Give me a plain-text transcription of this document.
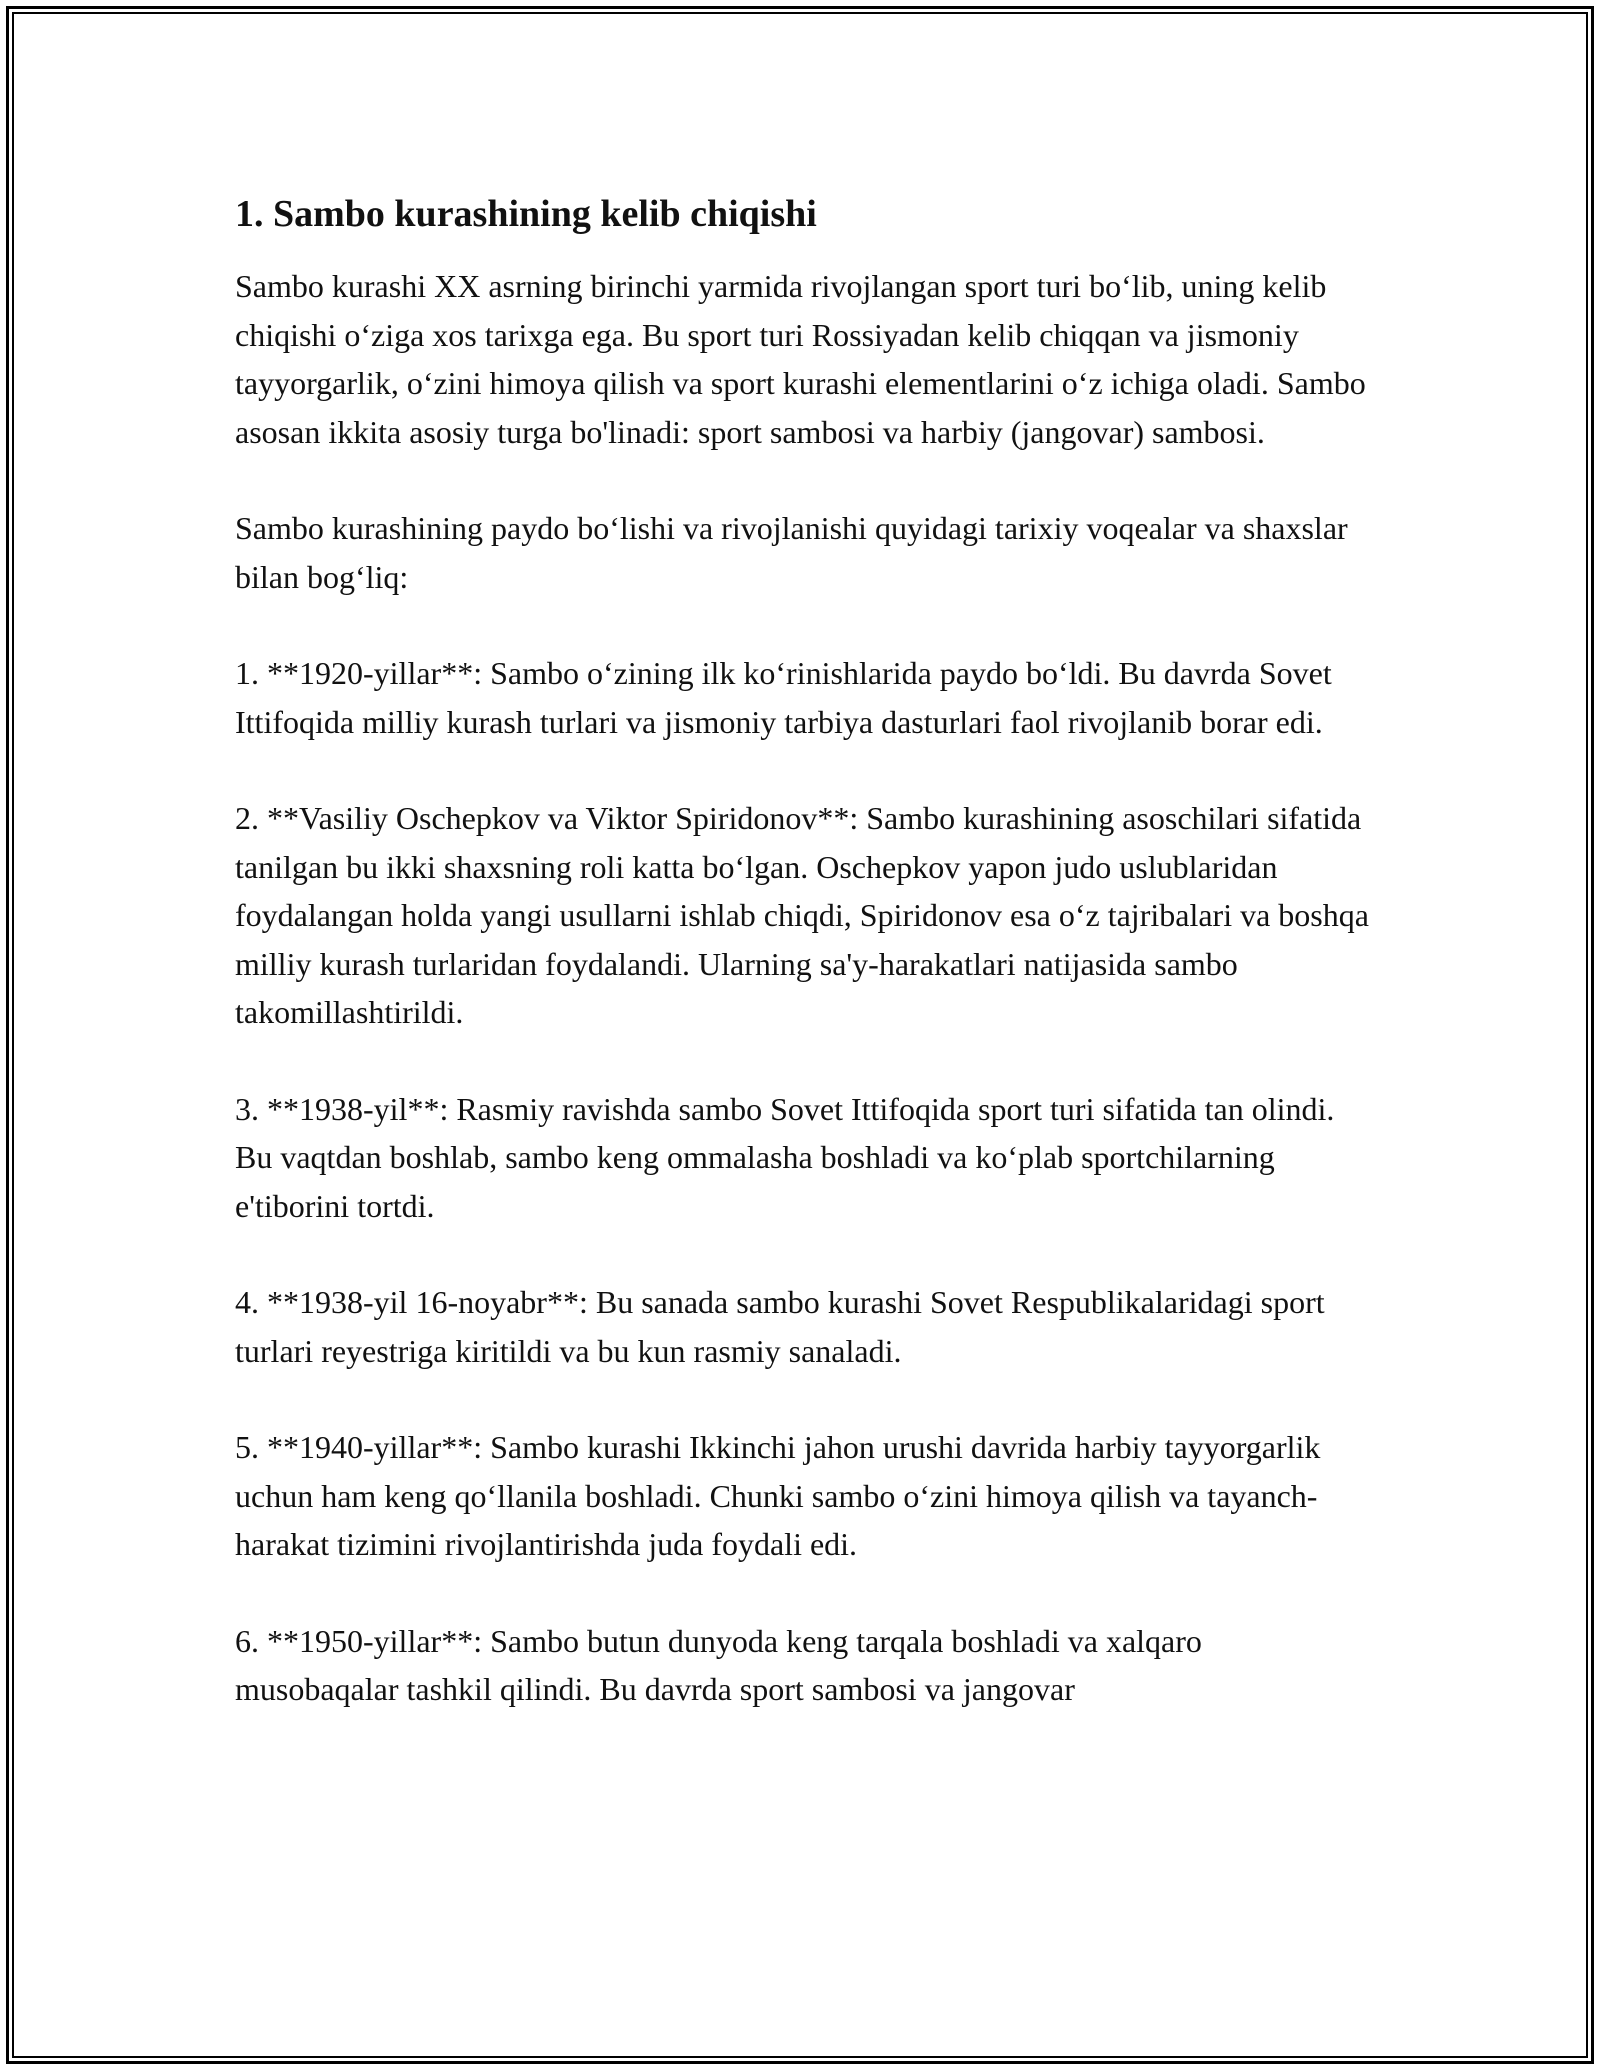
1. Sambo kurashining kelib chiqishi

Sambo kurashi XX asrning birinchi yarmida rivojlangan sport turi bo‘lib, uning kelib chiqishi o‘ziga xos tarixga ega. Bu sport turi Rossiyadan kelib chiqqan va jismoniy tayyorgarlik, o‘zini himoya qilish va sport kurashi elementlarini o‘z ichiga oladi. Sambo asosan ikkita asosiy turga bo'linadi: sport sambosi va harbiy (jangovar) sambosi.

Sambo kurashining paydo bo‘lishi va rivojlanishi quyidagi tarixiy voqealar va shaxslar bilan bog‘liq:

1. **1920-yillar**: Sambo o‘zining ilk ko‘rinishlarida paydo bo‘ldi. Bu davrda Sovet Ittifoqida milliy kurash turlari va jismoniy tarbiya dasturlari faol rivojlanib borar edi.

2. **Vasiliy Oschepkov va Viktor Spiridonov**: Sambo kurashining asoschilari sifatida tanilgan bu ikki shaxsning roli katta bo‘lgan. Oschepkov yapon judo uslublaridan foydalangan holda yangi usullarni ishlab chiqdi, Spiridonov esa o‘z tajribalari va boshqa milliy kurash turlaridan foydalandi. Ularning sa'y-harakatlari natijasida sambo takomillashtirildi.

3. **1938-yil**: Rasmiy ravishda sambo Sovet Ittifoqida sport turi sifatida tan olindi. Bu vaqtdan boshlab, sambo keng ommalasha boshladi va ko‘plab sportchilarning e'tiborini tortdi.

4. **1938-yil 16-noyabr**: Bu sanada sambo kurashi Sovet Respublikalaridagi sport turlari reyestriga kiritildi va bu kun rasmiy sanaladi.

5. **1940-yillar**: Sambo kurashi Ikkinchi jahon urushi davrida harbiy tayyorgarlik uchun ham keng qo‘llanila boshladi. Chunki sambo o‘zini himoya qilish va tayanch-harakat tizimini rivojlantirishda juda foydali edi.

6. **1950-yillar**: Sambo butun dunyoda keng tarqala boshladi va xalqaro musobaqalar tashkil qilindi. Bu davrda sport sambosi va jangovar
